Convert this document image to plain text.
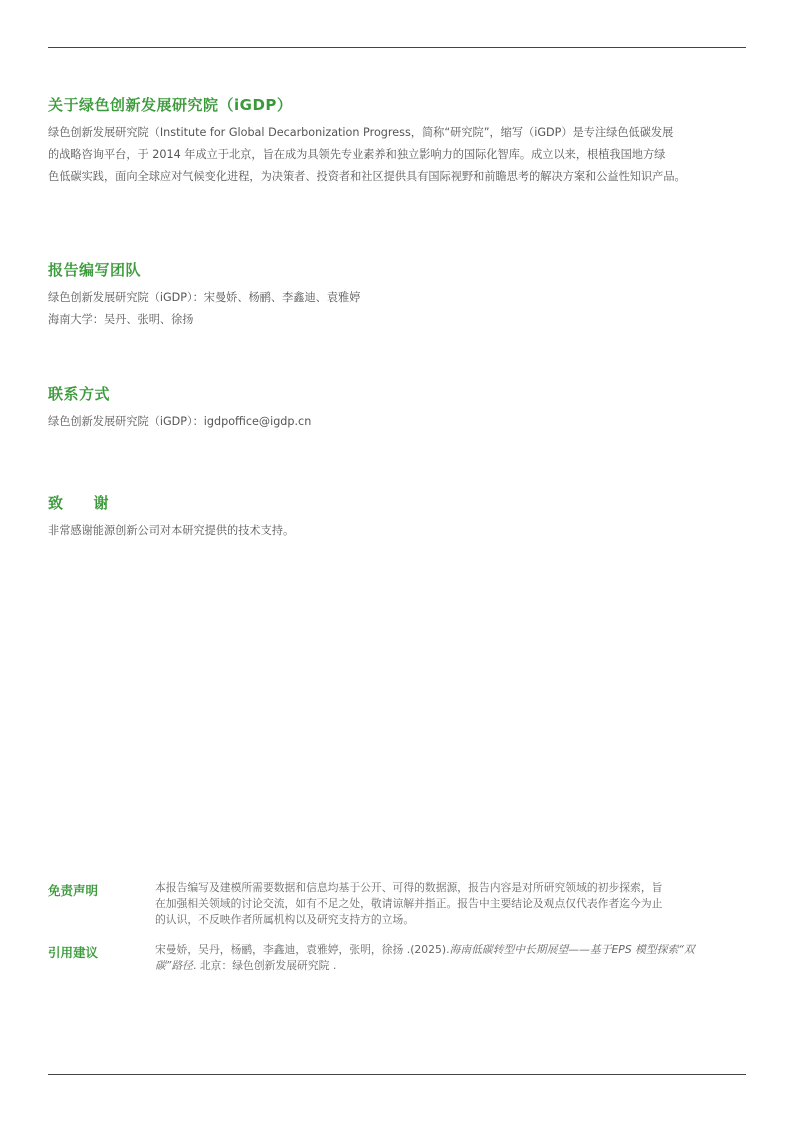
关于绿色创新发展研究院（iGDP）
绿色创新发展研究院（Institute for Global Decarbonization Progress，简称“研究院”，缩写（iGDP）是专注绿色低碳发展
的战略咨询平台，于 2014 年成立于北京，旨在成为具领先专业素养和独立影响力的国际化智库。成立以来，根植我国地方绿
色低碳实践，面向全球应对气候变化进程，为决策者、投资者和社区提供具有国际视野和前瞻思考的解决方案和公益性知识产品。
报告编写团队
绿色创新发展研究院（iGDP）：宋曼娇、杨鹂、李鑫迪、袁雅婷
海南大学：吴丹、张明、徐扬
联系方式
绿色创新发展研究院（iGDP）：igdpoffice@igdp.cn
致 谢
非常感谢能源创新公司对本研究提供的技术支持。
免责声明	本报告编写及建模所需要数据和信息均基于公开、可得的数据源，报告内容是对所研究领域的初步探索，旨
在加强相关领域的讨论交流，如有不足之处，敬请谅解并指正。报告中主要结论及观点仅代表作者迄今为止
的认识，不反映作者所属机构以及研究支持方的立场。
引用建议	宋曼娇，吴丹，杨鹂，李鑫迪，袁雅婷，张明，徐扬 .(2025).海南低碳转型中长期展望——基于EPS 模型探索“双
碳”路径. 北京：绿色创新发展研究院 .
